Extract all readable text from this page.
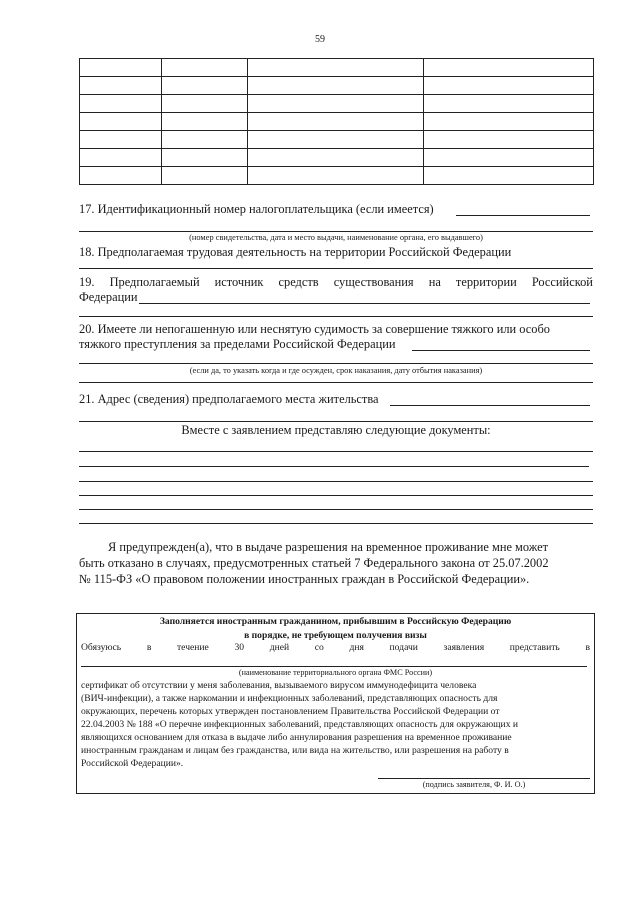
59

17. Идентификационный номер налогоплательщика (если имеется)
(номер свидетельства, дата и место выдачи, наименование органа, его выдавшего)
18. Предполагаемая трудовая деятельность на территории Российской Федерации
19. Предполагаемый источник средств существования на территории Российской
Федерации
20. Имеете ли непогашенную или неснятую судимость за совершение тяжкого или особо
тяжкого преступления за пределами Российской Федерации
(если да, то указать когда и где осужден, срок наказания, дату отбытия наказания)
21. Адрес (сведения) предполагаемого места жительства
Вместе с заявлением представляю следующие документы:
Я предупрежден(а), что в выдаче разрешения на временное проживание мне может
быть отказано в случаях, предусмотренных статьей 7 Федерального закона от 25.07.2002
№ 115-ФЗ «О правовом положении иностранных граждан в Российской Федерации».
Заполняется иностранным гражданином, прибывшим в Российскую Федерацию
в порядке, не требующем получения визы
Обязуюсь	в	течение	30	дней	со	дня	подачи	заявления	представить	в
(наименование территориального органа ФМС России)
сертификат об отсутствии у меня заболевания, вызываемого вирусом иммунодефицита человека
(ВИЧ-инфекции), а также наркомании и инфекционных заболеваний, представляющих опасность для
окружающих, перечень которых утвержден постановлением Правительства Российской Федерации от
22.04.2003 № 188 «О перечне инфекционных заболеваний, представляющих опасность для окружающих и
являющихся основанием для отказа в выдаче либо аннулирования разрешения на временное проживание
иностранным гражданам и лицам без гражданства, или вида на жительство, или разрешения на работу в
Российской Федерации».
(подпись заявителя, Ф. И. О.)
